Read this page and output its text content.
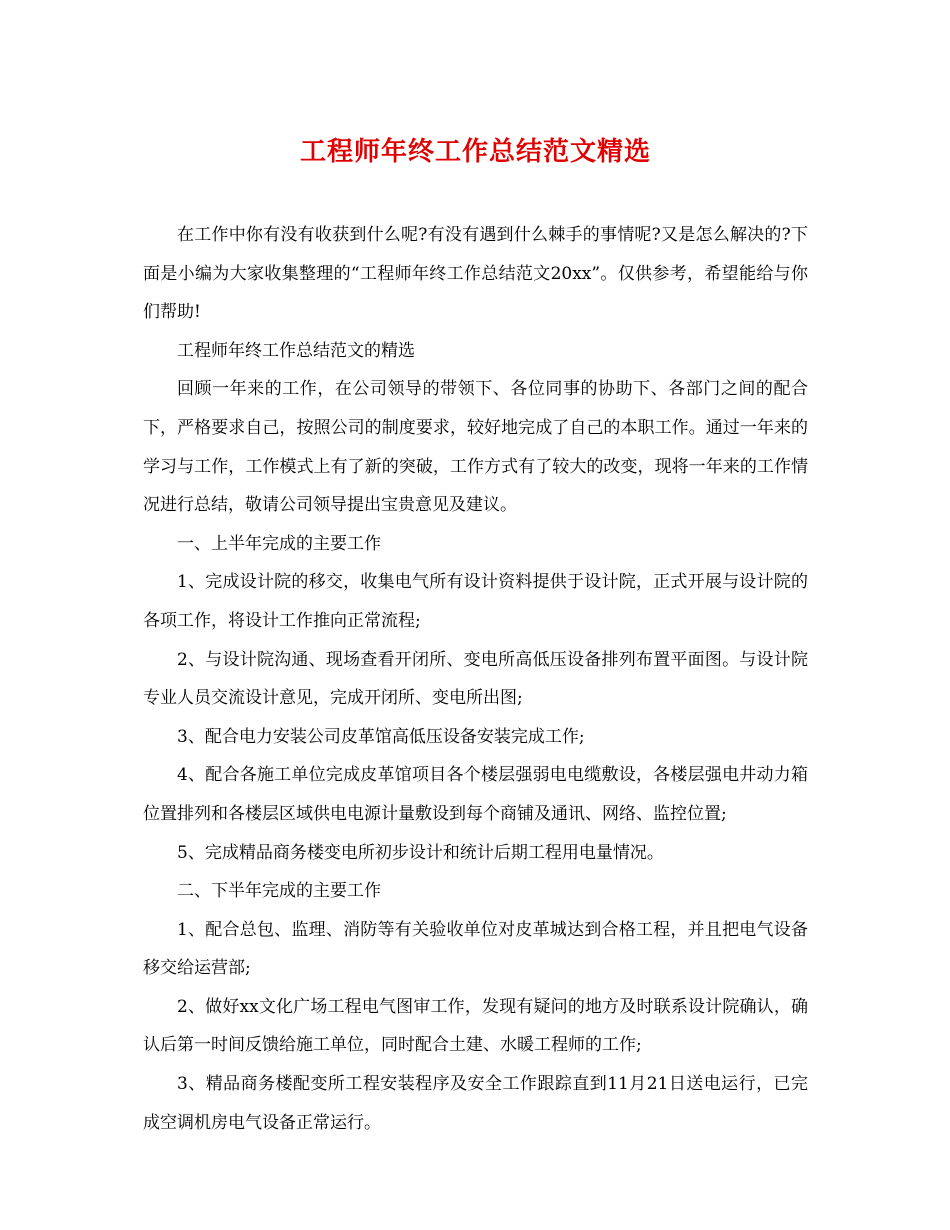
工程师年终工作总结范文精选

在工作中你有没有收获到什么呢?有没有遇到什么棘手的事情呢?又是怎么解决的?下面是小编为大家收集整理的“工程师年终工作总结范文20xx”。仅供参考，希望能给与你们帮助!

工程师年终工作总结范文的精选

回顾一年来的工作，在公司领导的带领下、各位同事的协助下、各部门之间的配合下，严格要求自己，按照公司的制度要求，较好地完成了自己的本职工作。通过一年来的学习与工作，工作模式上有了新的突破，工作方式有了较大的改变，现将一年来的工作情况进行总结，敬请公司领导提出宝贵意见及建议。

一、上半年完成的主要工作

1、完成设计院的移交，收集电气所有设计资料提供于设计院，正式开展与设计院的各项工作，将设计工作推向正常流程;

2、与设计院沟通、现场查看开闭所、变电所高低压设备排列布置平面图。与设计院专业人员交流设计意见，完成开闭所、变电所出图;

3、配合电力安装公司皮革馆高低压设备安装完成工作;

4、配合各施工单位完成皮革馆项目各个楼层强弱电电缆敷设，各楼层强电井动力箱位置排列和各楼层区域供电电源计量敷设到每个商铺及通讯、网络、监控位置;

5、完成精品商务楼变电所初步设计和统计后期工程用电量情况。

二、下半年完成的主要工作

1、配合总包、监理、消防等有关验收单位对皮革城达到合格工程，并且把电气设备移交给运营部;

2、做好xx文化广场工程电气图审工作，发现有疑问的地方及时联系设计院确认，确认后第一时间反馈给施工单位，同时配合土建、水暖工程师的工作;

3、精品商务楼配变所工程安装程序及安全工作跟踪直到11月21日送电运行，已完成空调机房电气设备正常运行。
